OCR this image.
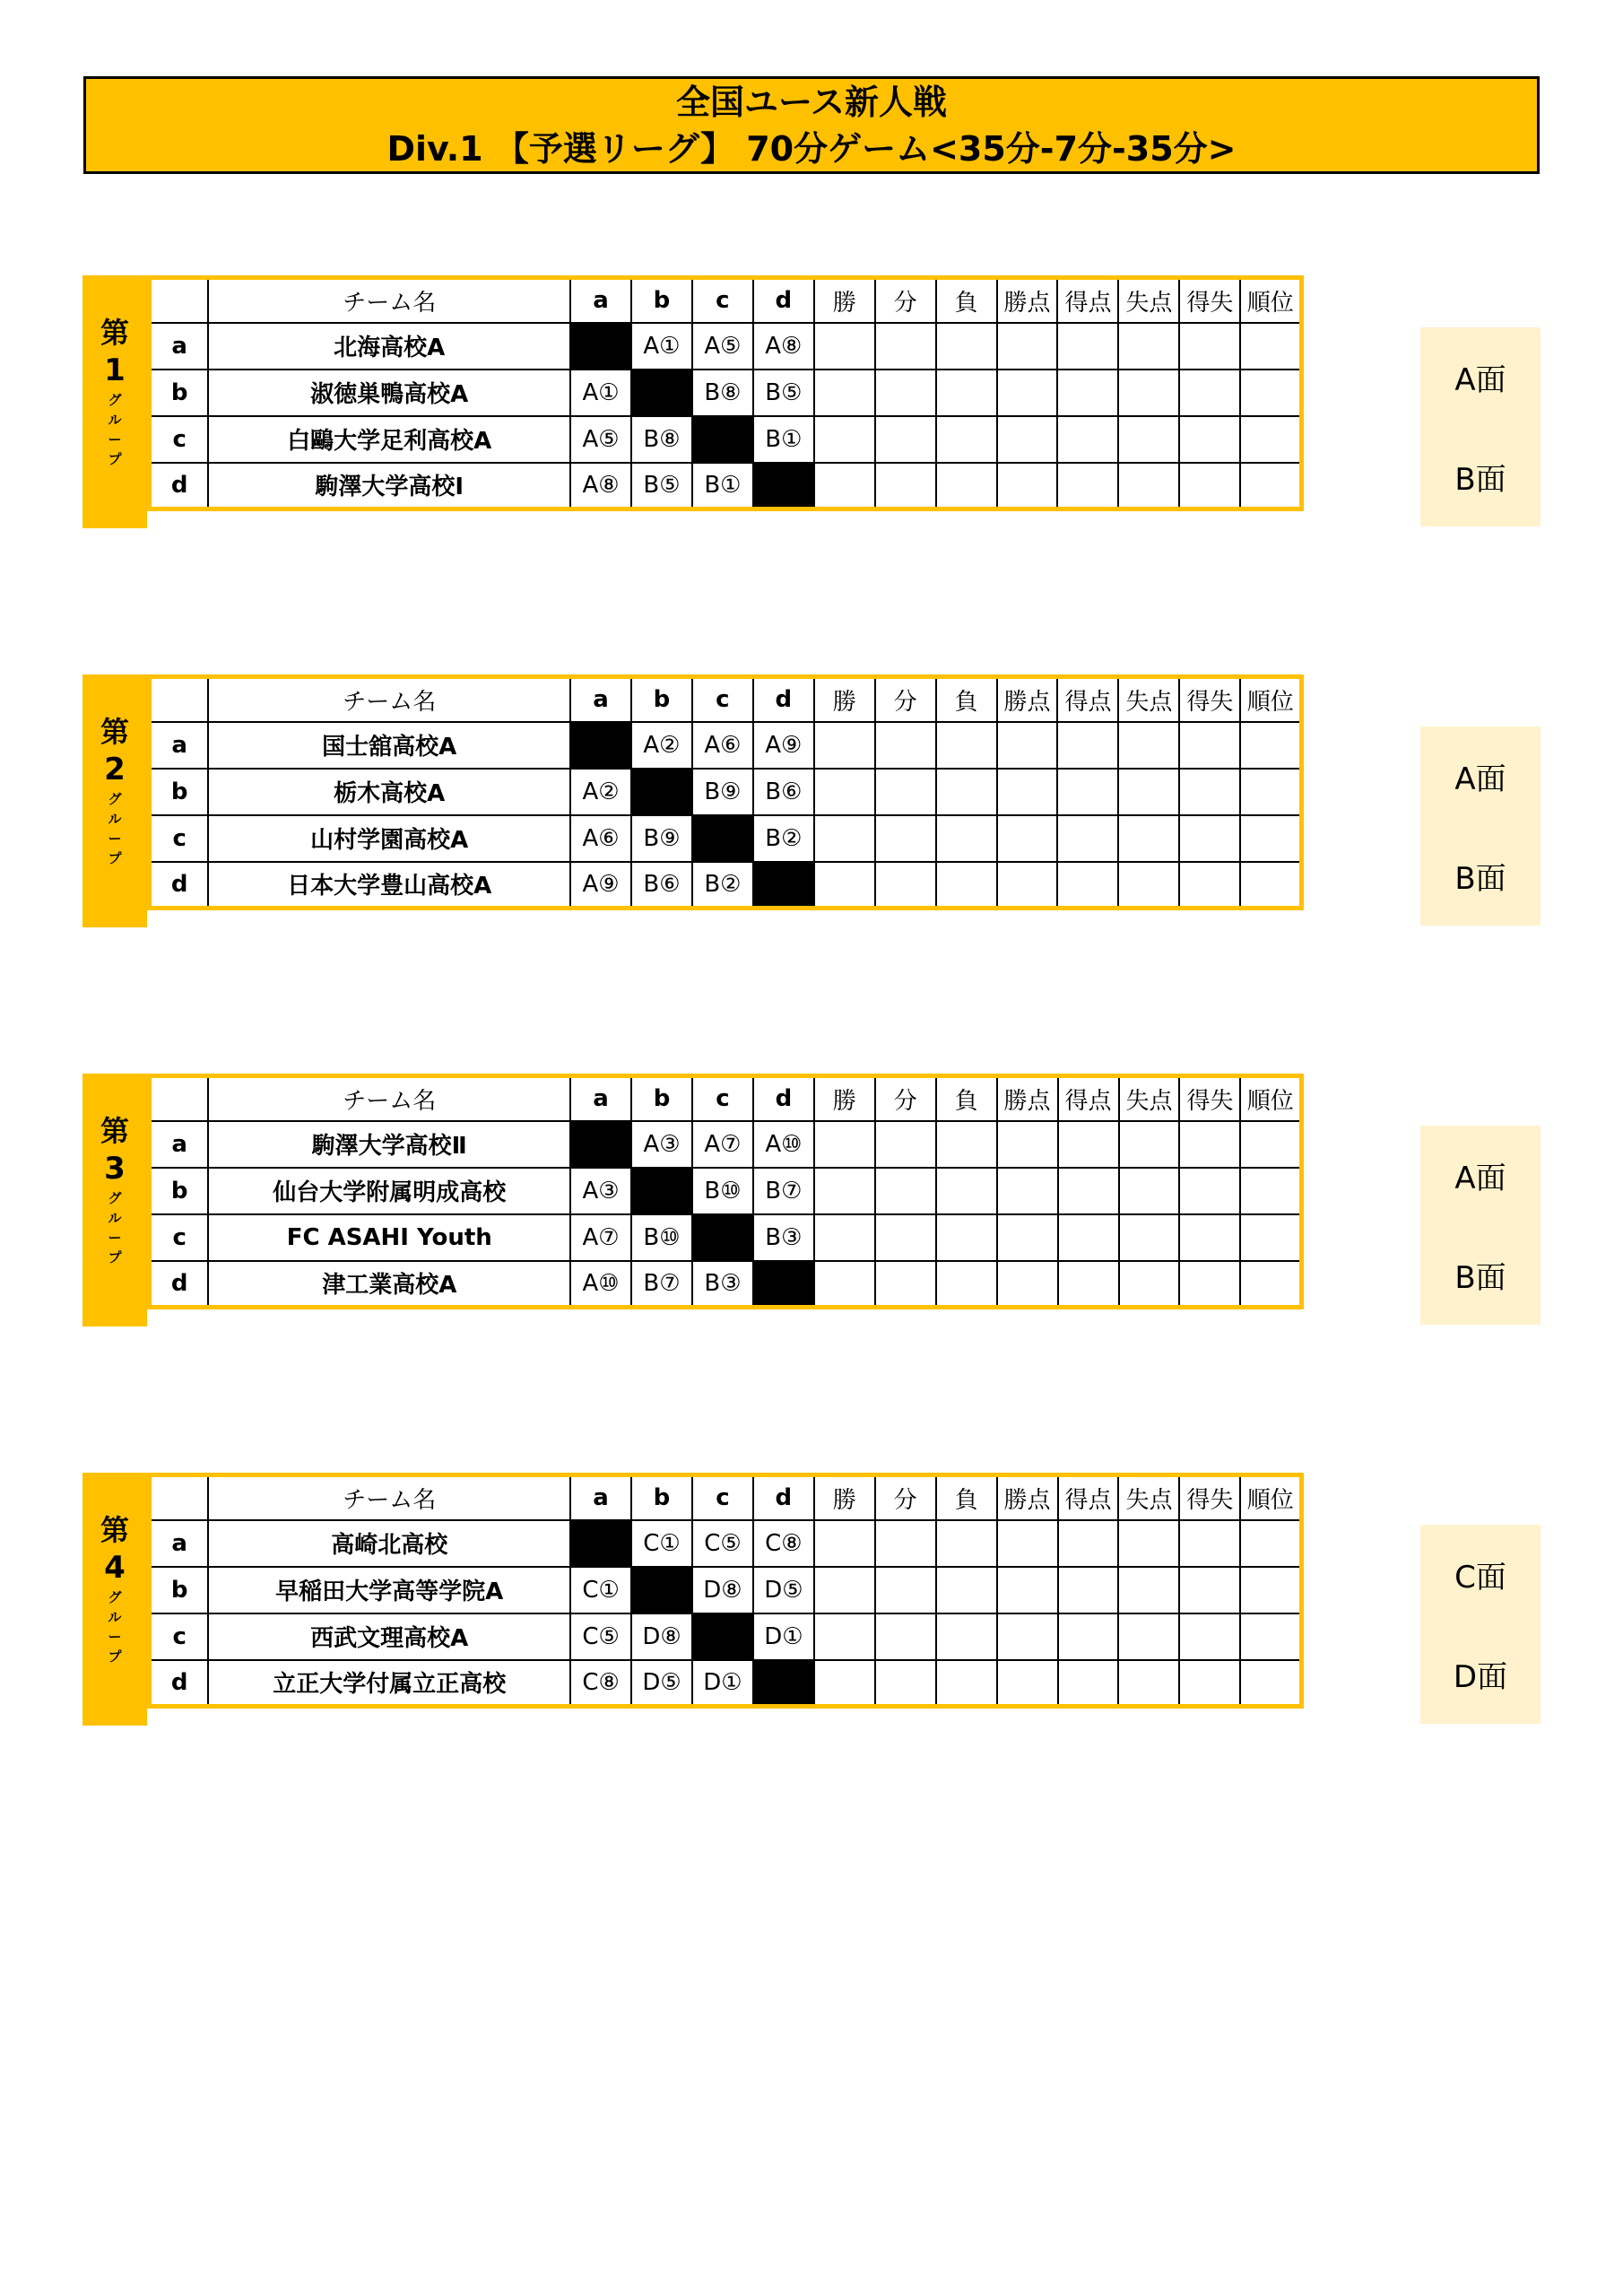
全国ユース新人戦
Div.1 【予選リーグ】 70分ゲーム<35分-7分-35分>
第
1
グ
ル
ー
プ
	チーム名	a	b	c	d	勝	分	負	勝点	得点	失点	得失	順位
a	北海高校A		A①	A⑤	A⑧								
b	淑徳巣鴨高校A	A①		B⑧	B⑤								
c	白鷗大学足利高校A	A⑤	B⑧		B①								
d	駒澤大学高校Ⅰ	A⑧	B⑤	B①									
A面
B面
第
2
グ
ル
ー
プ
	チーム名	a	b	c	d	勝	分	負	勝点	得点	失点	得失	順位
a	国士舘高校A		A②	A⑥	A⑨								
b	栃木高校A	A②		B⑨	B⑥								
c	山村学園高校A	A⑥	B⑨		B②								
d	日本大学豊山高校A	A⑨	B⑥	B②									
A面
B面
第
3
グ
ル
ー
プ
	チーム名	a	b	c	d	勝	分	負	勝点	得点	失点	得失	順位
a	駒澤大学高校Ⅱ		A③	A⑦	A⑩								
b	仙台大学附属明成高校	A③		B⑩	B⑦								
c	FC ASAHI Youth	A⑦	B⑩		B③								
d	津工業高校A	A⑩	B⑦	B③									
A面
B面
第
4
グ
ル
ー
プ
	チーム名	a	b	c	d	勝	分	負	勝点	得点	失点	得失	順位
a	高崎北高校		C①	C⑤	C⑧								
b	早稲田大学高等学院A	C①		D⑧	D⑤								
c	西武文理高校A	C⑤	D⑧		D①								
d	立正大学付属立正高校	C⑧	D⑤	D①									
C面
D面
